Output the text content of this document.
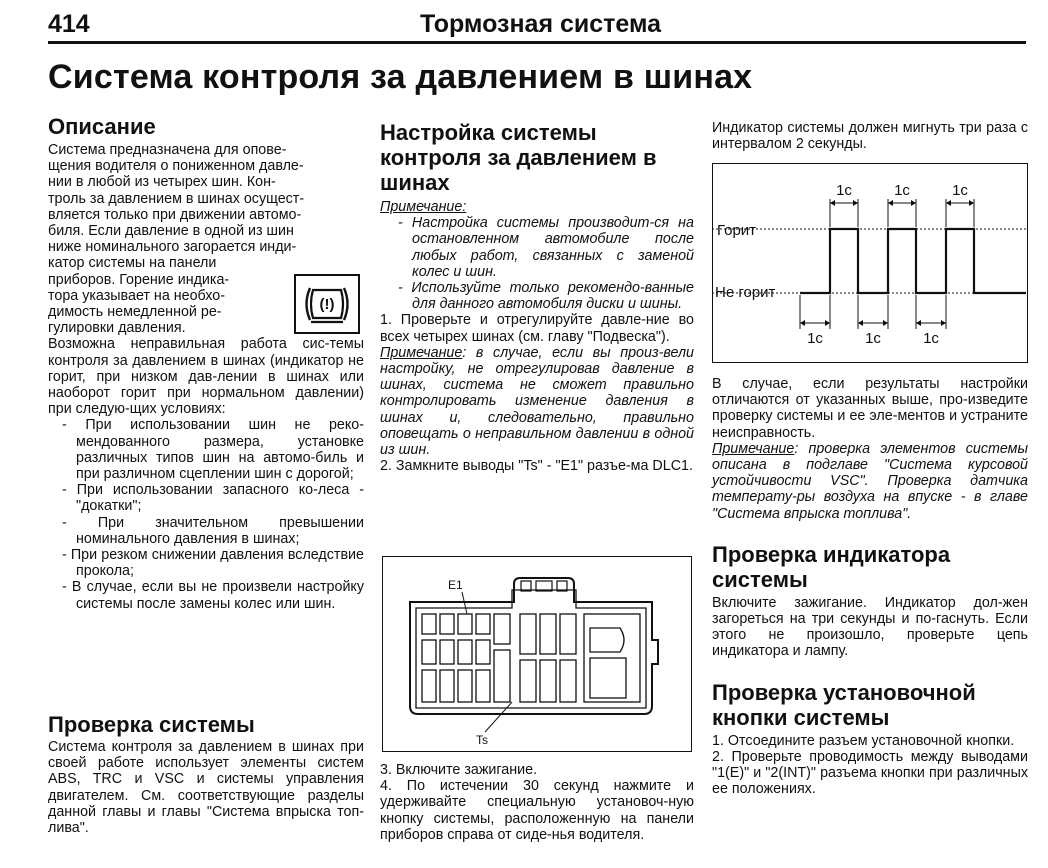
414	Тормозная система
Система контроля за давлением в шинах
Описание
Система предназначена для опове-
щения водителя о пониженном давле-
нии в любой из четырех шин. Кон-
троль за давлением в шинах осущест-
вляется только при движении автомо-
биля. Если давление в одной из шин
ниже номинального загорается инди-
катор системы на панели
приборов. Горение индика-
тора указывает на необхо-
димость немедленной ре-
гулировки давления.

Возможна неправильная работа сис-темы контроля за давлением в шинах (индикатор не горит, при низком дав-лении в шинах или наоборот горит при нормальном давлении) при следую-щих условиях:

- При использовании шин не реко-мендованного размера, установке различных типов шин на автомо-биль и при различном сцеплении шин с дорогой;

- При использовании запасного ко-леса - "докатки";

- При значительном превышении номинального давления в шинах;

- При резком снижении давления вследствие прокола;

- В случае, если вы не произвели настройку системы после замены колес или шин.

(!)
Проверка системы

Система контроля за давлением в шинах при своей работе использует элементы систем ABS, TRC и VSC и системы управления двигателем. См. соответствующие разделы данной главы и главы "Система впрыска топ-лива".

Настройка системы контроля за давлением в шинах

Примечание:

- Настройка системы производит-ся на остановленном автомобиле после любых работ, связанных с заменой колес и шин.

- Используйте только рекомендо-ванные для данного автомобиля диски и шины.

1. Проверьте и отрегулируйте давле-ние во всех четырех шинах (см. главу "Подвеска").

Примечание: в случае, если вы произ-вели настройку, не отрегулировав давление в шинах, система не сможет правильно контролировать изменение давления в шинах и, следовательно, правильно оповещать о неправильном давлении в одной из шин.

2. Замкните выводы "Ts" - "E1" разъе-ма DLC1.

E1
Ts

3. Включите зажигание.

4. По истечении 30 секунд нажмите и удерживайте специальную установоч-ную кнопку системы, расположенную на панели приборов справа от сиде-нья водителя.

Индикатор системы должен мигнуть три раза с интервалом 2 секунды.

Горит
Не горит
1с	1с	1с
1с	1с	1с

В случае, если результаты настройки отличаются от указанных выше, про-изведите проверку системы и ее эле-ментов и устраните неисправность.

Примечание: проверка элементов системы описана в подглаве "Система курсовой устойчивости VSC". Проверка датчика температу-ры воздуха на впуске - в главе "Система впрыска топлива".

Проверка индикатора системы

Включите зажигание. Индикатор дол-жен загореться на три секунды и по-гаснуть. Если этого не произошло, проверьте цепь индикатора и лампу.

Проверка установочной кнопки системы

1. Отсоедините разъем установочной кнопки.

2. Проверьте проводимость между выводами "1(E)" и "2(INT)" разъема кнопки при различных ее положениях.
